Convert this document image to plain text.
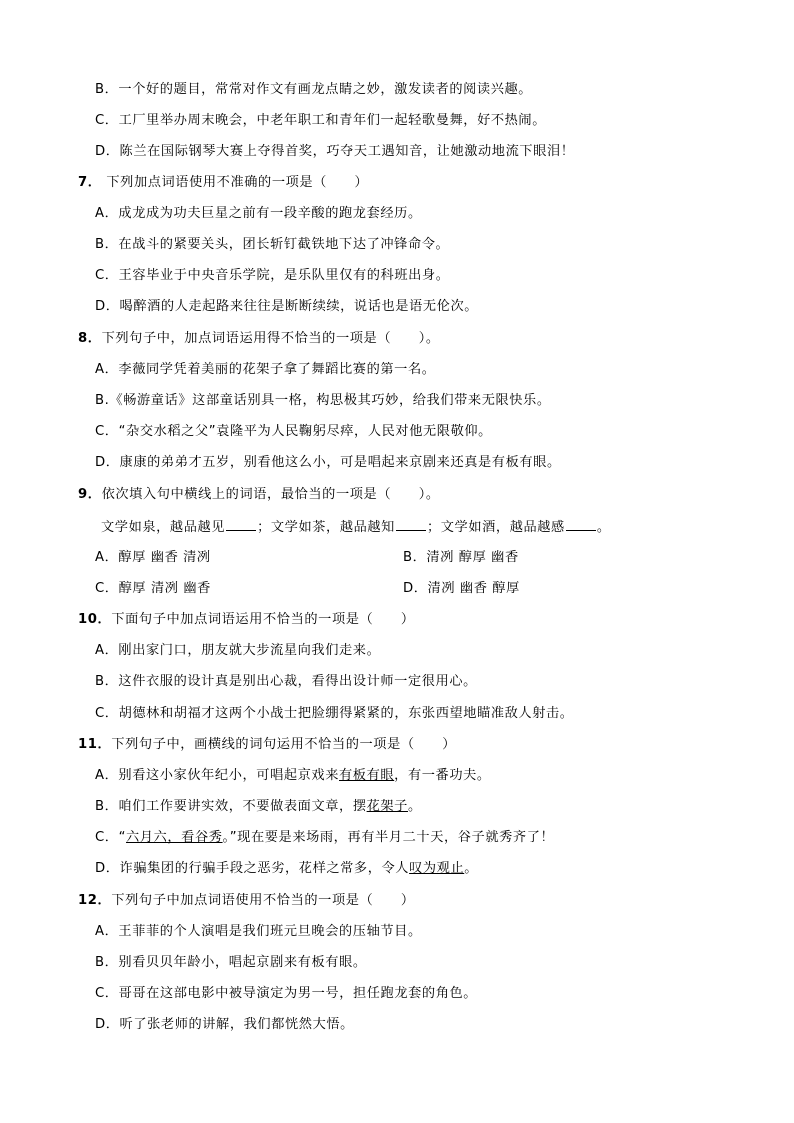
B．一个好的题目，常常对作文有画龙点睛之妙，激发读者的阅读兴趣。
C．工厂里举办周末晚会，中老年职工和青年们一起轻歌曼舞，好不热闹。
D．陈兰在国际钢琴大赛上夺得首奖，巧夺天工遇知音，让她激动地流下眼泪！
7． 下列加点词语使用不准确的一项是（　　）
A．成龙成为功夫巨星之前有一段辛酸的跑龙套经历。
B．在战斗的紧要关头，团长斩钉截铁地下达了冲锋命令。
C．王容毕业于中央音乐学院，是乐队里仅有的科班出身。
D．喝醉酒的人走起路来往往是断断续续，说话也是语无伦次。
8．下列句子中，加点词语运用得不恰当的一项是（　　）。
A．李薇同学凭着美丽的花架子拿了舞蹈比赛的第一名。
B.《畅游童话》这部童话别具一格，构思极其巧妙，给我们带来无限快乐。
C．“杂交水稻之父”袁隆平为人民鞠躬尽瘁，人民对他无限敬仰。
D．康康的弟弟才五岁，别看他这么小，可是唱起来京剧来还真是有板有眼。
9．依次填入句中横线上的词语，最恰当的一项是（　　）。
文学如泉，越品越见 ；文学如茶，越品越知 ；文学如酒，越品越感 。
A．醇厚 幽香 清冽	B．清冽 醇厚 幽香
C．醇厚 清冽 幽香	D．清冽 幽香 醇厚
10．下面句子中加点词语运用不恰当的一项是（　　）
A．刚出家门口，朋友就大步流星向我们走来。
B．这件衣服的设计真是别出心裁，看得出设计师一定很用心。
C．胡德林和胡福才这两个小战士把脸绷得紧紧的，东张西望地瞄准敌人射击。
11．下列句子中，画横线的词句运用不恰当的一项是（　　）
A．别看这小家伙年纪小，可唱起京戏来有板有眼，有一番功夫。
B．咱们工作要讲实效，不要做表面文章，摆花架子。
C．“六月六，看谷秀。”现在要是来场雨，再有半月二十天，谷子就秀齐了！
D．诈骗集团的行骗手段之恶劣，花样之常多，令人叹为观止。
12．下列句子中加点词语使用不恰当的一项是（　　）
A．王菲菲的个人演唱是我们班元旦晚会的压轴节目。
B．别看贝贝年龄小，唱起京剧来有板有眼。
C．哥哥在这部电影中被导演定为男一号，担任跑龙套的角色。
D．听了张老师的讲解，我们都恍然大悟。
